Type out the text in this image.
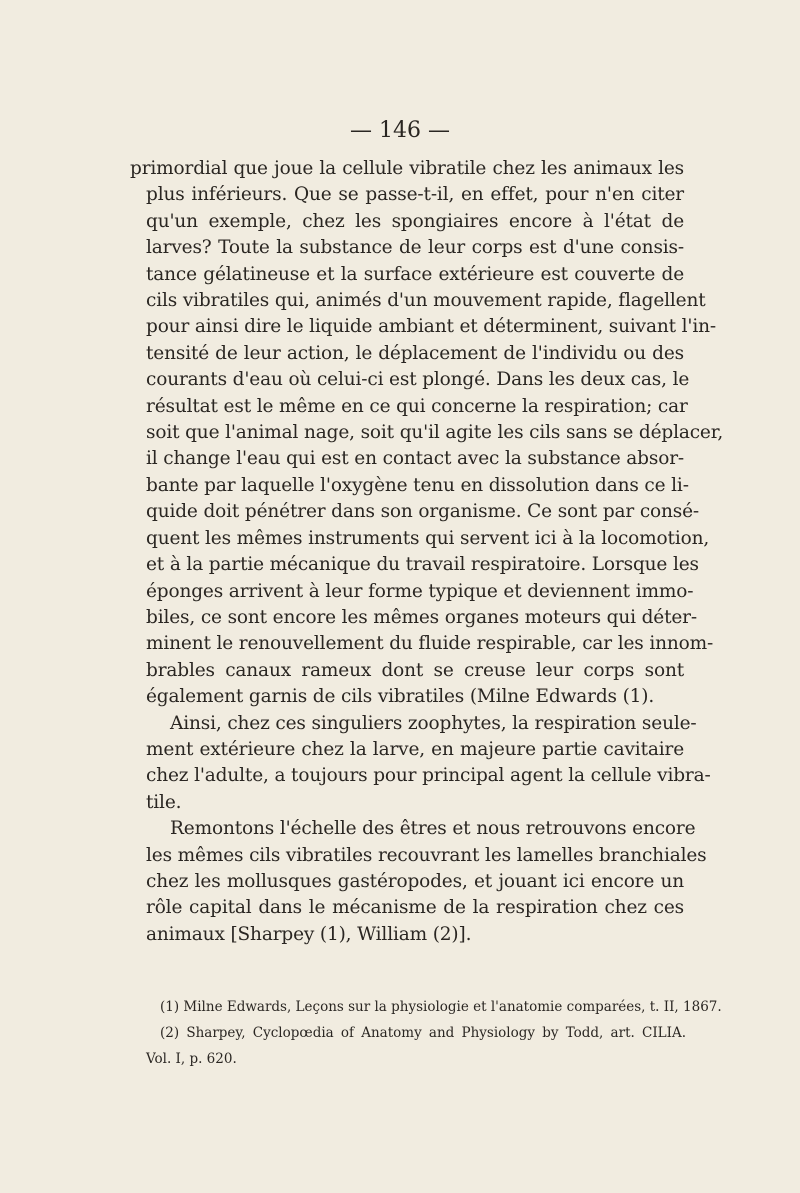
— 146 —

primordial que joue la cellule vibratile chez les animaux les
plus inférieurs. Que se passe-t-il, en effet, pour n'en citer
qu'un exemple, chez les spongiaires encore à l'état de
larves? Toute la substance de leur corps est d'une consis-
tance gélatineuse et la surface extérieure est couverte de
cils vibratiles qui, animés d'un mouvement rapide, flagellent
pour ainsi dire le liquide ambiant et déterminent, suivant l'in-
tensité de leur action, le déplacement de l'individu ou des
courants d'eau où celui-ci est plongé. Dans les deux cas, le
résultat est le même en ce qui concerne la respiration; car
soit que l'animal nage, soit qu'il agite les cils sans se déplacer,
il change l'eau qui est en contact avec la substance absor-
bante par laquelle l'oxygène tenu en dissolution dans ce li-
quide doit pénétrer dans son organisme. Ce sont par consé-
quent les mêmes instruments qui servent ici à la locomotion,
et à la partie mécanique du travail respiratoire. Lorsque les
éponges arrivent à leur forme typique et deviennent immo-
biles, ce sont encore les mêmes organes moteurs qui déter-
minent le renouvellement du fluide respirable, car les innom-
brables canaux rameux dont se creuse leur corps sont
également garnis de cils vibratiles (Milne Edwards (1).

Ainsi, chez ces singuliers zoophytes, la respiration seule-
ment extérieure chez la larve, en majeure partie cavitaire
chez l'adulte, a toujours pour principal agent la cellule vibra-
tile.

Remontons l'échelle des êtres et nous retrouvons encore
les mêmes cils vibratiles recouvrant les lamelles branchiales
chez les mollusques gastéropodes, et jouant ici encore un
rôle capital dans le mécanisme de la respiration chez ces
animaux [Sharpey (1), William (2)].

(1) Milne Edwards, Leçons sur la physiologie et l'anatomie comparées, t. II, 1867.
(2) Sharpey, Cyclopœdia of Anatomy and Physiology by Todd, art. CILIA.
Vol. I, p. 620.
